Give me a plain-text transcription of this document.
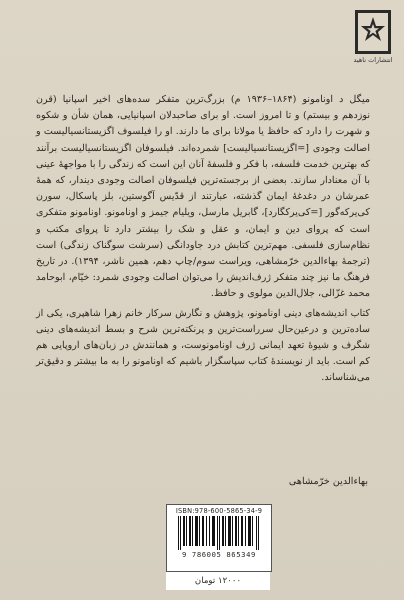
انتشارات ناهید

میگل د اونامونو (۱۸۶۴–۱۹۳۶ م) بزرگ‌ترین متفکر سده‌های اخیر اسپانیا (قرن نوزدهم و بیستم) و تا امروز است. او برای صاحبدلان اسپانیایی، همان شأن و شکوه و شهرت را دارد که حافظ یا مولانا برای ما دارند. او را فیلسوف اگزیستانسیالیست و اصالت وجودی [=اگزیستانسیالیست] شمرده‌اند. فیلسوفان اگزیستانسیالیست برآنند که بهترین خدمت فلسفه، با فکر و فلسفهٔ آنان این است که زندگی را با مواجههٔ عینی با آن معنادار سازند. بعضی از برجسته‌ترین فیلسوفان اصالت وجودی دیندار، که همهٔ عمرشان در دغدغهٔ ایمان گذشته، عبارتند از قدّیس آگوستین، بلز پاسکال، سورن کی‌یرکه‌گور [=کی‌یرکگارد]، گابریل مارسل، ویلیام جیمز و اونامونو. اونامونو متفکری است که پروای دین و ایمان، و عقل و شک را بیشتر دارد تا پروای مکتب و نظام‌سازی فلسفی. مهم‌ترین کتابش درد جاودانگی (سرشت سوگناک زندگی) است (ترجمهٔ بهاءالدین خرّمشاهی، ویراست سوم/چاپ دهم، همین ناشر، ۱۳۹۴). در تاریخ فرهنگ ما نیز چند متفکر ژرف‌اندیش را می‌توان اصالت وجودی شمرد: خیّام، ابوحامد محمد غزّالی، جلال‌الدین مولوی و حافظ.

کتاب اندیشه‌های دینی اونامونو، پژوهش و نگارش سرکار خانم زهرا شاهپری، یکی از ساده‌ترین و درعین‌حال سرراست‌ترین و پرنکته‌ترین شرح و بسط اندیشه‌های دینی شگرف و شیوهٔ تعهد ایمانی ژرف اونامونوست، و همانندش در زبان‌های اروپایی هم کم است. باید از نویسندهٔ کتاب سپاسگزار باشیم که اونامونو را به ما بیشتر و دقیق‌تر می‌شناساند.

بهاءالدین خرّمشاهی
ISBN:978-600-5865-34-9
9 786005 865349
۱۲۰۰۰ تومان
